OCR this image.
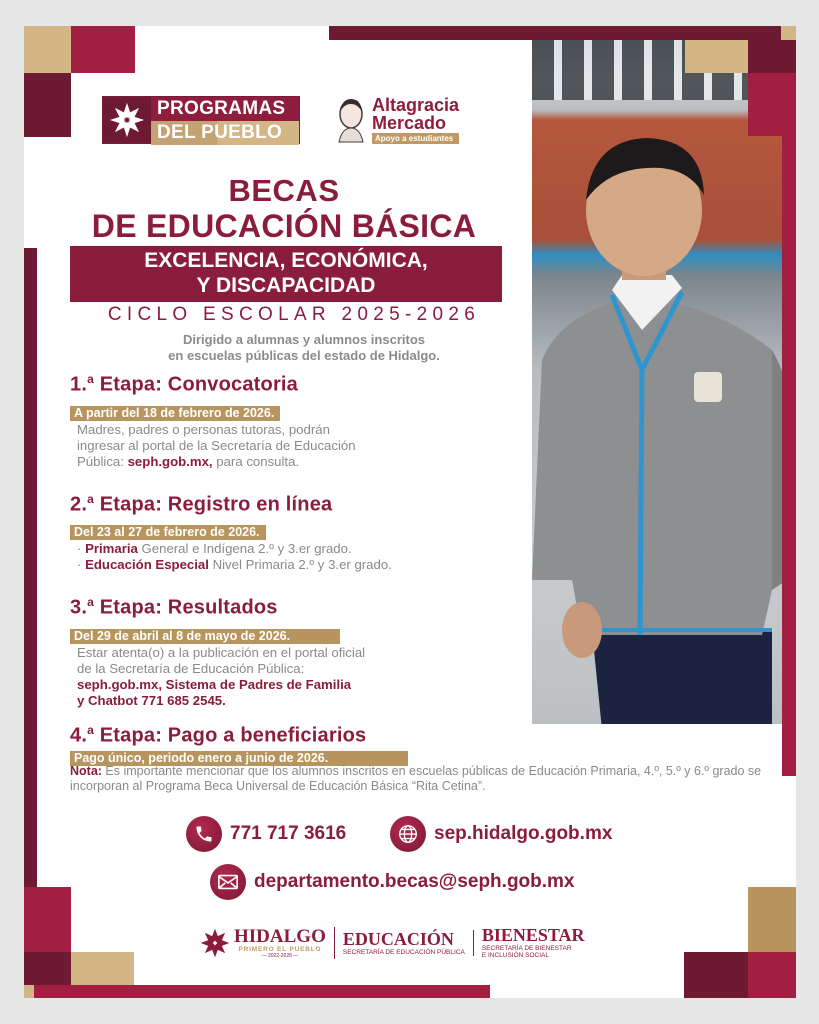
PROGRAMAS
DEL PUEBLO
Altagracia
Mercado
Apoyo a estudiantes
BECAS
DE EDUCACIÓN BÁSICA
EXCELENCIA, ECONÓMICA,
Y DISCAPACIDAD
CICLO ESCOLAR 2025-2026
Dirigido a alumnas y alumnos inscritos
en escuelas públicas del estado de Hidalgo.
1.$^a$ Etapa: Convocatoria
A partir del 18 de febrero de 2026.
Madres, padres o personas tutoras, podrán
ingresar al portal de la Secretaría de Educación
Pública: seph.gob.mx, para consulta.
2.$^a$ Etapa: Registro en línea
Del 23 al 27 de febrero de 2026.
· Primaria General e Indígena 2.º y 3.er grado.
· Educación Especial Nivel Primaria 2.º y 3.er grado.
3.$^a$ Etapa: Resultados
Del 29 de abril al 8 de mayo de 2026.
Estar atenta(o) a la publicación en el portal oficial
de la Secretaría de Educación Pública:
seph.gob.mx, Sistema de Padres de Familia
y Chatbot 771 685 2545.
4.$^a$ Etapa: Pago a beneficiarios
Pago único, periodo enero a junio de 2026.
Nota: Es importante mencionar que los alumnos inscritos en escuelas públicas de Educación Primaria, 4.º, 5.º y 6.º grado se incorporan al Programa Beca Universal de Educación Básica “Rita Cetina”.
771 717 3616	sep.hidalgo.gob.mx
departamento.becas@seph.gob.mx
HIDALGO
PRIMERO EL PUEBLO
— 2022-2028 —
EDUCACIÓN
SECRETARÍA DE EDUCACIÓN PÚBLICA
BIENESTAR
SECRETARÍA DE BIENESTAR
E INCLUSIÓN SOCIAL
